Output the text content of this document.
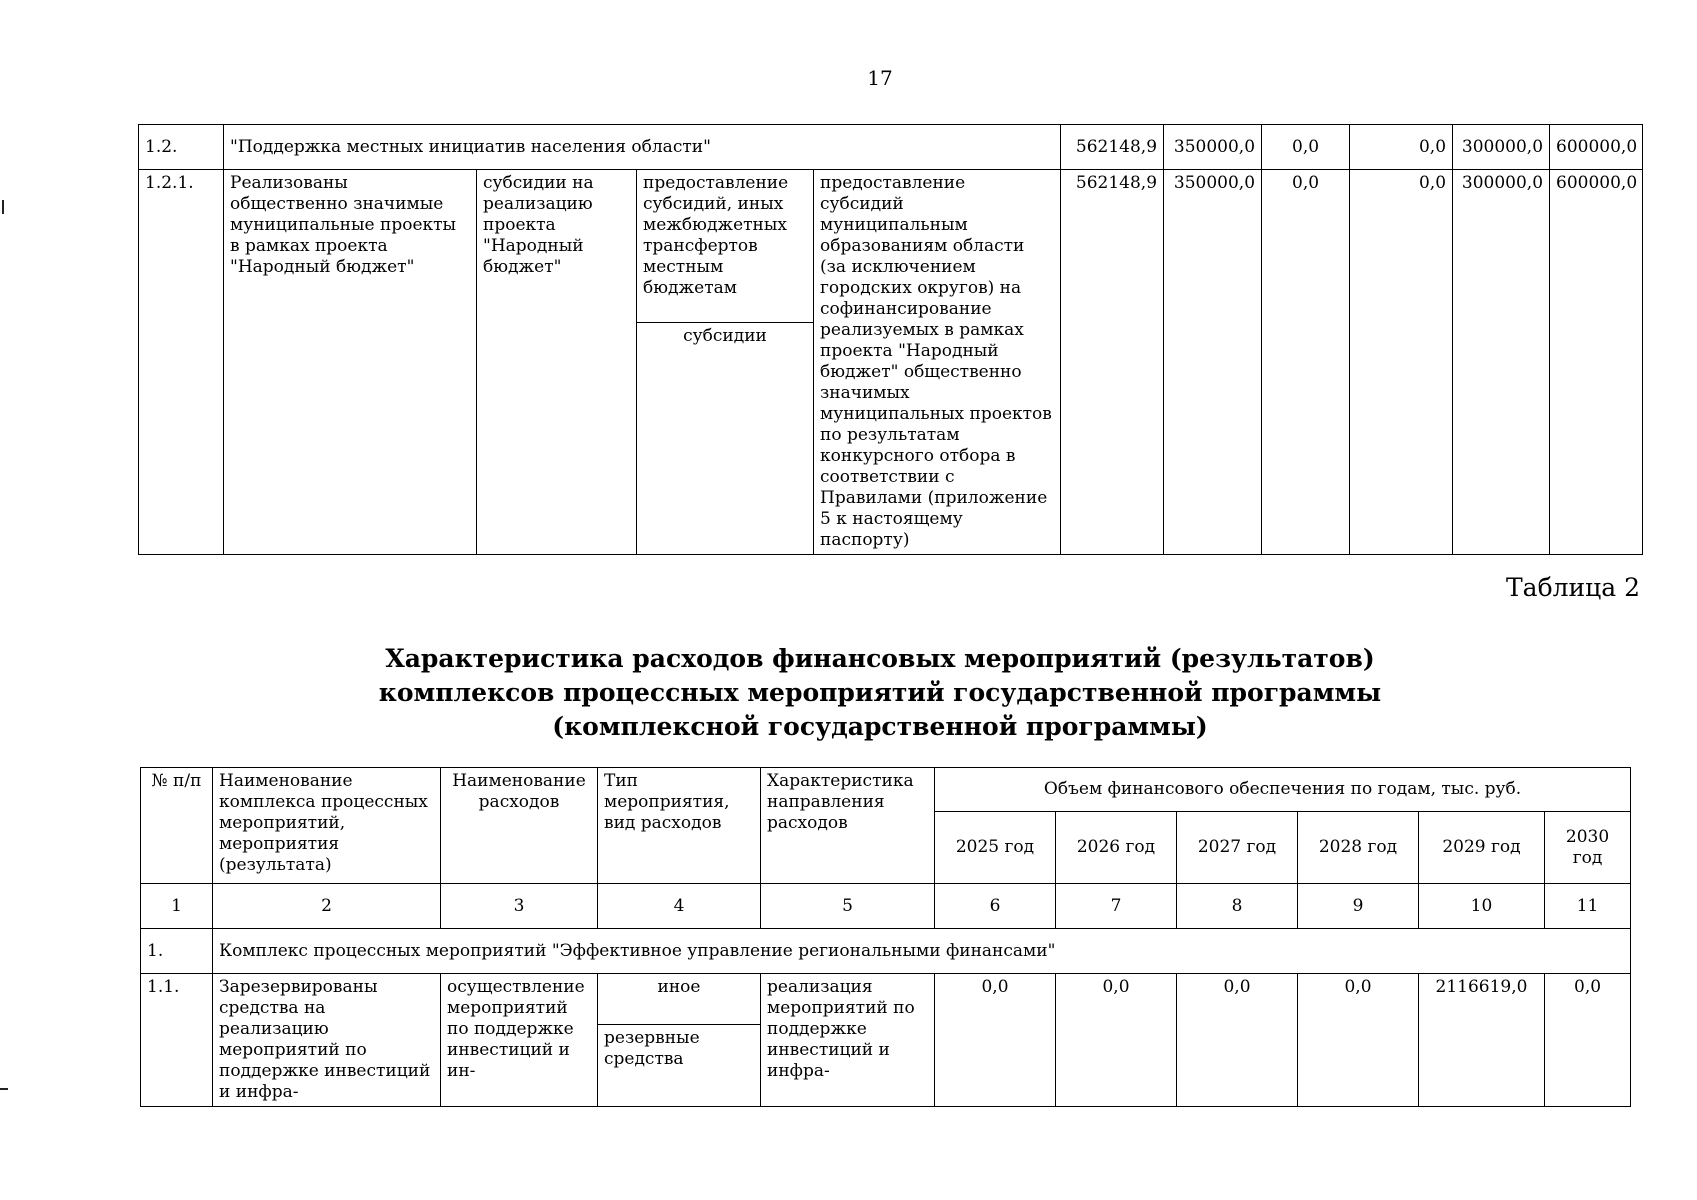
17
1.2.	"Поддержка местных инициатив населения области"				562148,9	350000,0	0,0	0,0	300000,0	600000,0
1.2.1.	Реализованы общественно значимые муниципальные проекты в рамках проекта "Народный бюджет"	субсидии на реализацию проекта "Народный бюджет"	предоставление субсидий, иных межбюджетных трансфертов местным бюджетам	предоставление субсидий муниципальным образованиям области (за исключением городских округов) на софинансирование реализуемых в рамках проекта "Народный бюджет" общественно значимых муниципальных проектов по результатам конкурсного отбора в соответствии с Правилами (приложение 5 к настоящему паспорту)	562148,9	350000,0	0,0	0,0	300000,0	600000,0
			субсидии							
Таблица 2
Характеристика расходов финансовых мероприятий (результатов)
комплексов процессных мероприятий государственной программы
(комплексной государственной программы)
№ п/п	Наименование комплекса процессных мероприятий, мероприятия (результата)	Наименование расходов	Тип мероприятия, вид расходов	Характеристика направления расходов	Объем финансового обеспечения по годам, тыс. руб.					
					2025 год	2026 год	2027 год	2028 год	2029 год	2030 год
1	2	3	4	5	6	7	8	9	10	11
1.	Комплекс процессных мероприятий "Эффективное управление региональными финансами"									
1.1.	Зарезервированы средства на реализацию мероприятий по поддержке инвестиций и инфра-	осуществление мероприятий по поддержке инвестиций и ин-	иное	реализация мероприятий по поддержке инвестиций и инфра-	0,0	0,0	0,0	0,0	2116619,0	0,0
			резервные средства							
